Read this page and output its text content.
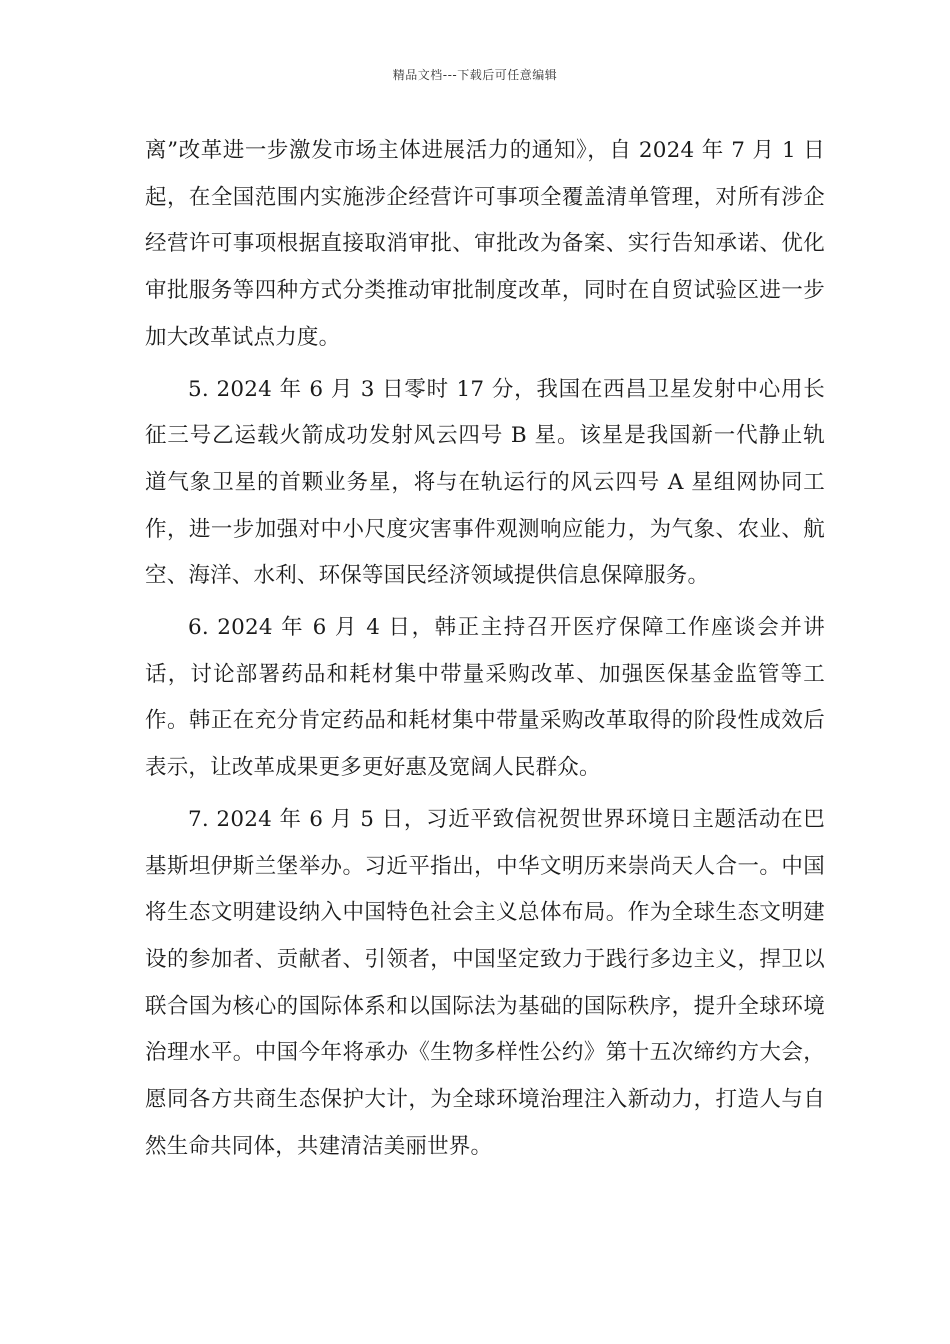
精品文档---下载后可任意编辑

离”改革进一步激发市场主体进展活力的通知》，自 2024 年 7 月 1 日起，在全国范围内实施涉企经营许可事项全覆盖清单管理，对所有涉企经营许可事项根据直接取消审批、审批改为备案、实行告知承诺、优化审批服务等四种方式分类推动审批制度改革，同时在自贸试验区进一步加大改革试点力度。

5. 2024 年 6 月 3 日零时 17 分，我国在西昌卫星发射中心用长征三号乙运载火箭成功发射风云四号 B 星。该星是我国新一代静止轨道气象卫星的首颗业务星，将与在轨运行的风云四号 A 星组网协同工作，进一步加强对中小尺度灾害事件观测响应能力，为气象、农业、航空、海洋、水利、环保等国民经济领域提供信息保障服务。

6. 2024 年 6 月 4 日，韩正主持召开医疗保障工作座谈会并讲话，讨论部署药品和耗材集中带量采购改革、加强医保基金监管等工作。韩正在充分肯定药品和耗材集中带量采购改革取得的阶段性成效后表示，让改革成果更多更好惠及宽阔人民群众。

7. 2024 年 6 月 5 日，习近平致信祝贺世界环境日主题活动在巴基斯坦伊斯兰堡举办。习近平指出，中华文明历来崇尚天人合一。中国将生态文明建设纳入中国特色社会主义总体布局。作为全球生态文明建设的参加者、贡献者、引领者，中国坚定致力于践行多边主义，捍卫以联合国为核心的国际体系和以国际法为基础的国际秩序，提升全球环境治理水平。中国今年将承办《生物多样性公约》第十五次缔约方大会，愿同各方共商生态保护大计，为全球环境治理注入新动力，打造人与自然生命共同体，共建清洁美丽世界。
